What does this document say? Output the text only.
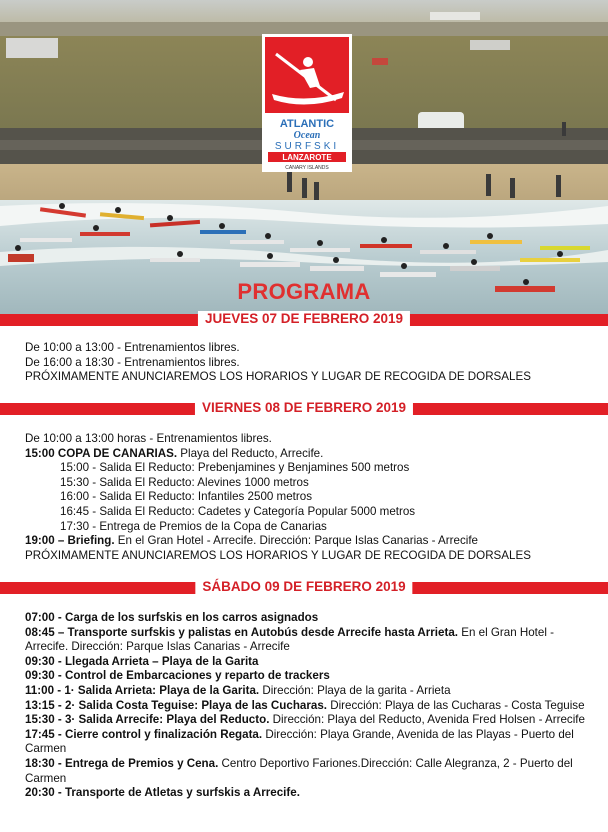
ATLANTIC
Ocean
SURFSKI
LANZAROTE
CANARY ISLANDS
PROGRAMA
JUEVES 07 DE FEBRERO 2019
De 10:00 a 13:00 - Entrenamientos libres.
De 16:00 a 18:30 - Entrenamientos libres.
PRÓXIMAMENTE ANUNCIAREMOS LOS HORARIOS Y LUGAR DE RECOGIDA DE DORSALES
VIERNES 08 DE FEBRERO 2019
De 10:00 a 13:00 horas - Entrenamientos libres.
15:00 COPA DE CANARIAS. Playa del Reducto, Arrecife.
15:00 - Salida El Reducto: Prebenjamines y Benjamines 500 metros
15:30 - Salida El Reducto: Alevines 1000 metros
16:00 - Salida El Reducto: Infantiles 2500 metros
16:45 - Salida El Reducto: Cadetes y Categoría Popular 5000 metros
17:30 - Entrega de Premios de la Copa de Canarias
19:00 – Briefing. En el Gran Hotel - Arrecife. Dirección: Parque Islas Canarias - Arrecife
PRÓXIMAMENTE ANUNCIAREMOS LOS HORARIOS Y LUGAR DE RECOGIDA DE DORSALES
SÁBADO 09 DE FEBRERO 2019
07:00 - Carga de los surfskis en los carros asignados
08:45 – Transporte surfskis y palistas en Autobús desde Arrecife hasta Arrieta. En el Gran Hotel - Arrecife. Dirección: Parque Islas Canarias - Arrecife
09:30 - Llegada Arrieta – Playa de la Garita
09:30 - Control de Embarcaciones y reparto de trackers
11:00 - 1· Salida Arrieta: Playa de la Garita. Dirección: Playa de la garita - Arrieta
13:15 - 2· Salida Costa Teguise: Playa de las Cucharas. Dirección: Playa de las Cucharas - Costa Teguise
15:30 - 3· Salida Arrecife: Playa del Reducto. Dirección: Playa del Reducto, Avenida Fred Holsen - Arrecife
17:45 - Cierre control y finalización Regata. Dirección: Playa Grande, Avenida de las Playas - Puerto del Carmen
18:30 - Entrega de Premios y Cena. Centro Deportivo Fariones.Dirección: Calle Alegranza, 2 - Puerto del Carmen
20:30 - Transporte de Atletas y surfskis a Arrecife.
